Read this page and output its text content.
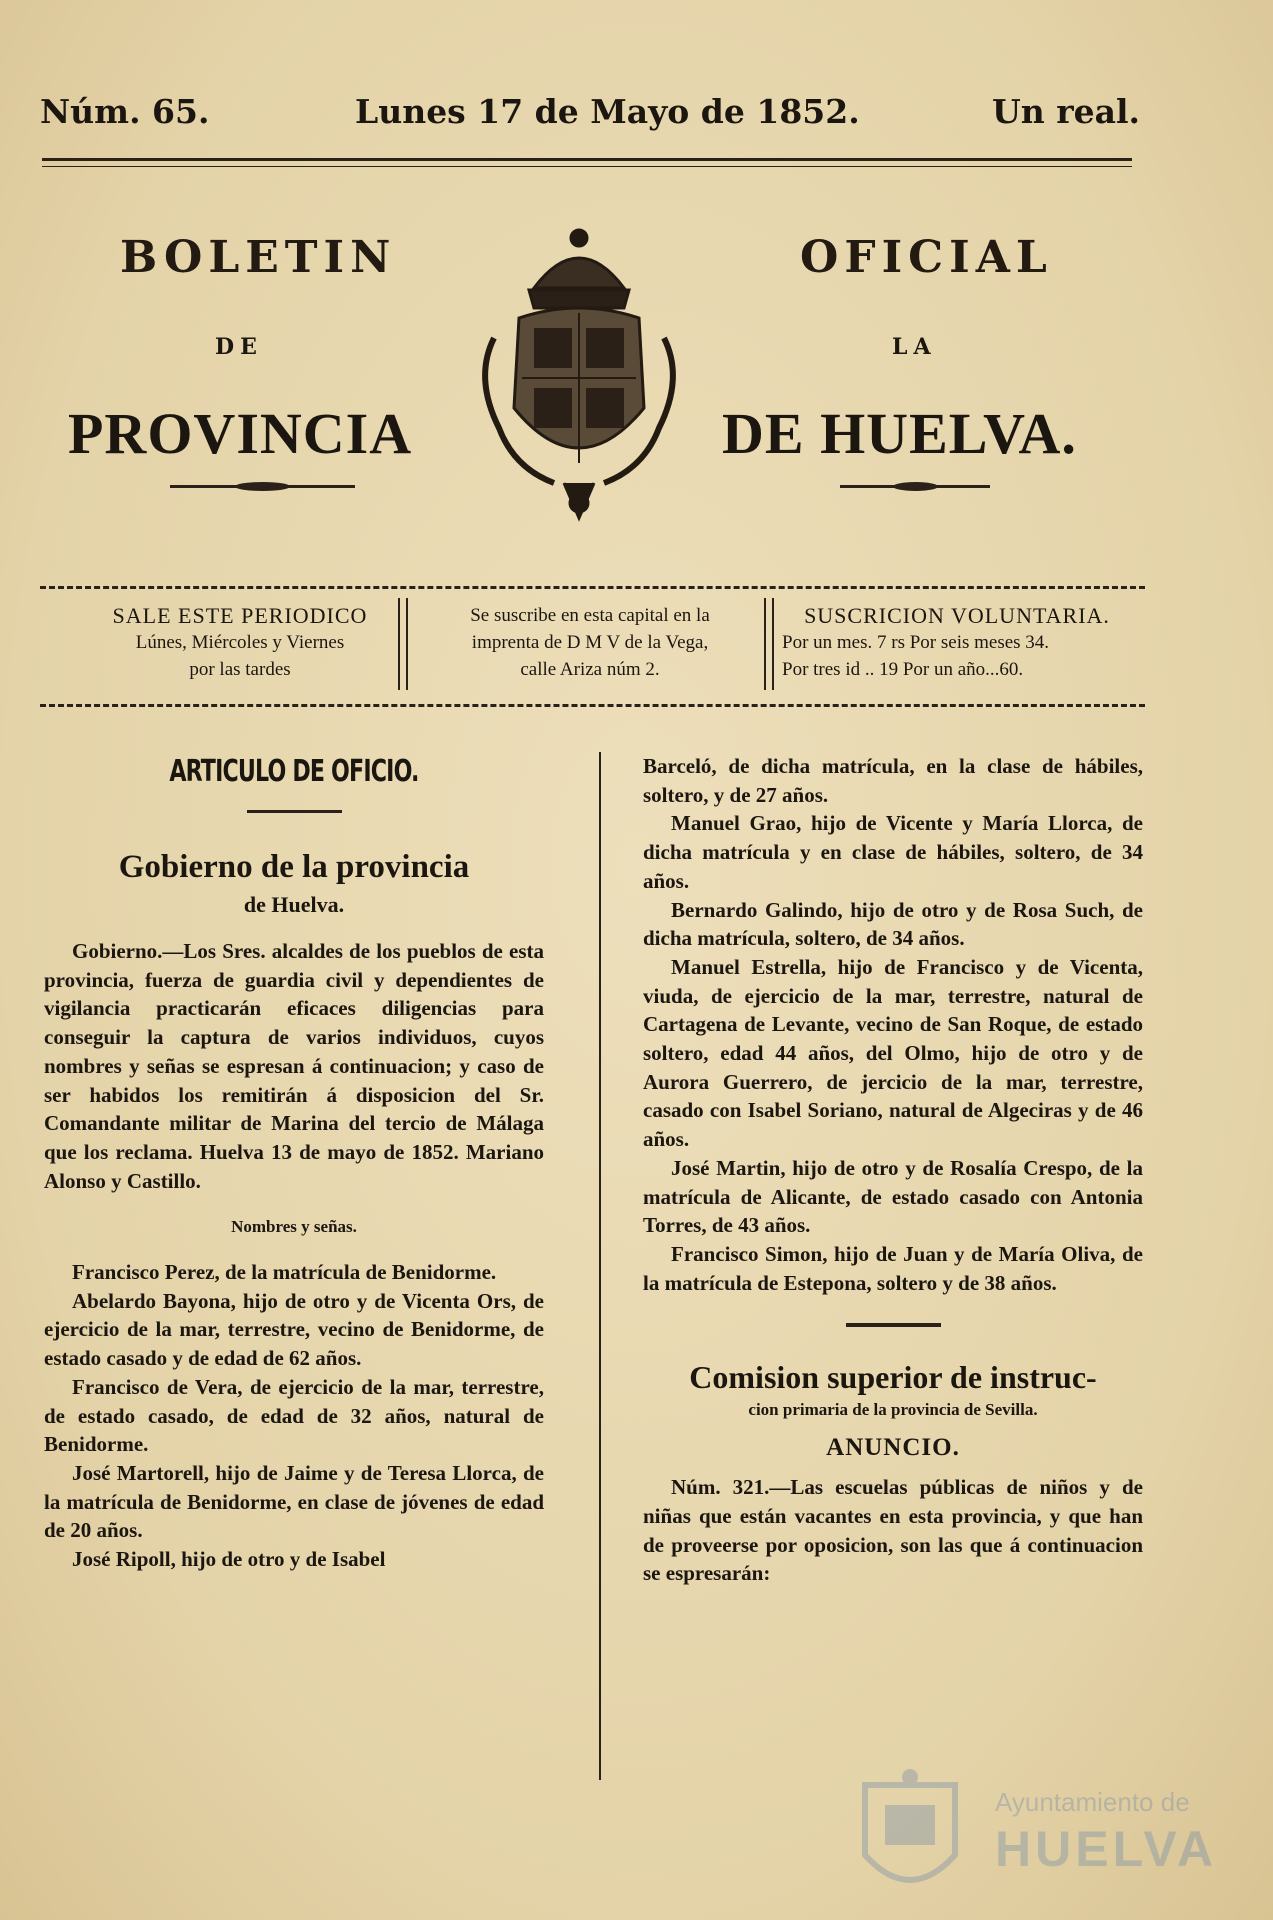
Núm. 65.	Lunes 17 de Mayo de 1852.	Un real.
BOLETIN	OFICIAL
DE	LA
PROVINCIA	DE HUELVA.
SALE ESTE PERIODICO
Lúnes, Miércoles y Viernes
por las tardes
Se suscribe en esta capital en la
imprenta de D M V de la Vega,
calle Ariza núm 2.
SUSCRICION VOLUNTARIA.
Por un mes. 7 rs Por seis meses 34.
Por tres id .. 19 Por un año...60.

ARTICULO DE OFICIO.

Gobierno de la provincia

de Huelva.

Gobierno.—Los Sres. alcaldes de los pueblos de esta provincia, fuerza de guardia civil y dependientes de vigilancia practicarán eficaces diligencias para conseguir la captura de varios individuos, cuyos nombres y señas se espresan á continuacion; y caso de ser habidos los remitirán á disposicion del Sr. Comandante militar de Marina del tercio de Málaga que los reclama. Huelva 13 de mayo de 1852. Mariano Alonso y Castillo.

Nombres y señas.

Francisco Perez, de la matrícula de Benidorme.

Abelardo Bayona, hijo de otro y de Vicenta Ors, de ejercicio de la mar, terrestre, vecino de Benidorme, de estado casado y de edad de 62 años.

Francisco de Vera, de ejercicio de la mar, terrestre, de estado casado, de edad de 32 años, natural de Benidorme.

José Martorell, hijo de Jaime y de Teresa Llorca, de la matrícula de Benidorme, en clase de jóvenes de edad de 20 años.

José Ripoll, hijo de otro y de Isabel

Barceló, de dicha matrícula, en la clase de hábiles, soltero, y de 27 años.

Manuel Grao, hijo de Vicente y María Llorca, de dicha matrícula y en clase de hábiles, soltero, de 34 años.

Bernardo Galindo, hijo de otro y de Rosa Such, de dicha matrícula, soltero, de 34 años.

Manuel Estrella, hijo de Francisco y de Vicenta, viuda, de ejercicio de la mar, terrestre, natural de Cartagena de Levante, vecino de San Roque, de estado soltero, edad 44 años, del Olmo, hijo de otro y de Aurora Guerrero, de jercicio de la mar, terrestre, casado con Isabel Soriano, natural de Algeciras y de 46 años.

José Martin, hijo de otro y de Rosalía Crespo, de la matrícula de Alicante, de estado casado con Antonia Torres, de 43 años.

Francisco Simon, hijo de Juan y de María Oliva, de la matrícula de Estepona, soltero y de 38 años.

Comision superior de instruc-

cion primaria de la provincia de Sevilla.

ANUNCIO.

Núm. 321.—Las escuelas públicas de niños y de niñas que están vacantes en esta provincia, y que han de proveerse por oposicion, son las que á continuacion se espresarán:

Ayuntamiento de
HUELVA
